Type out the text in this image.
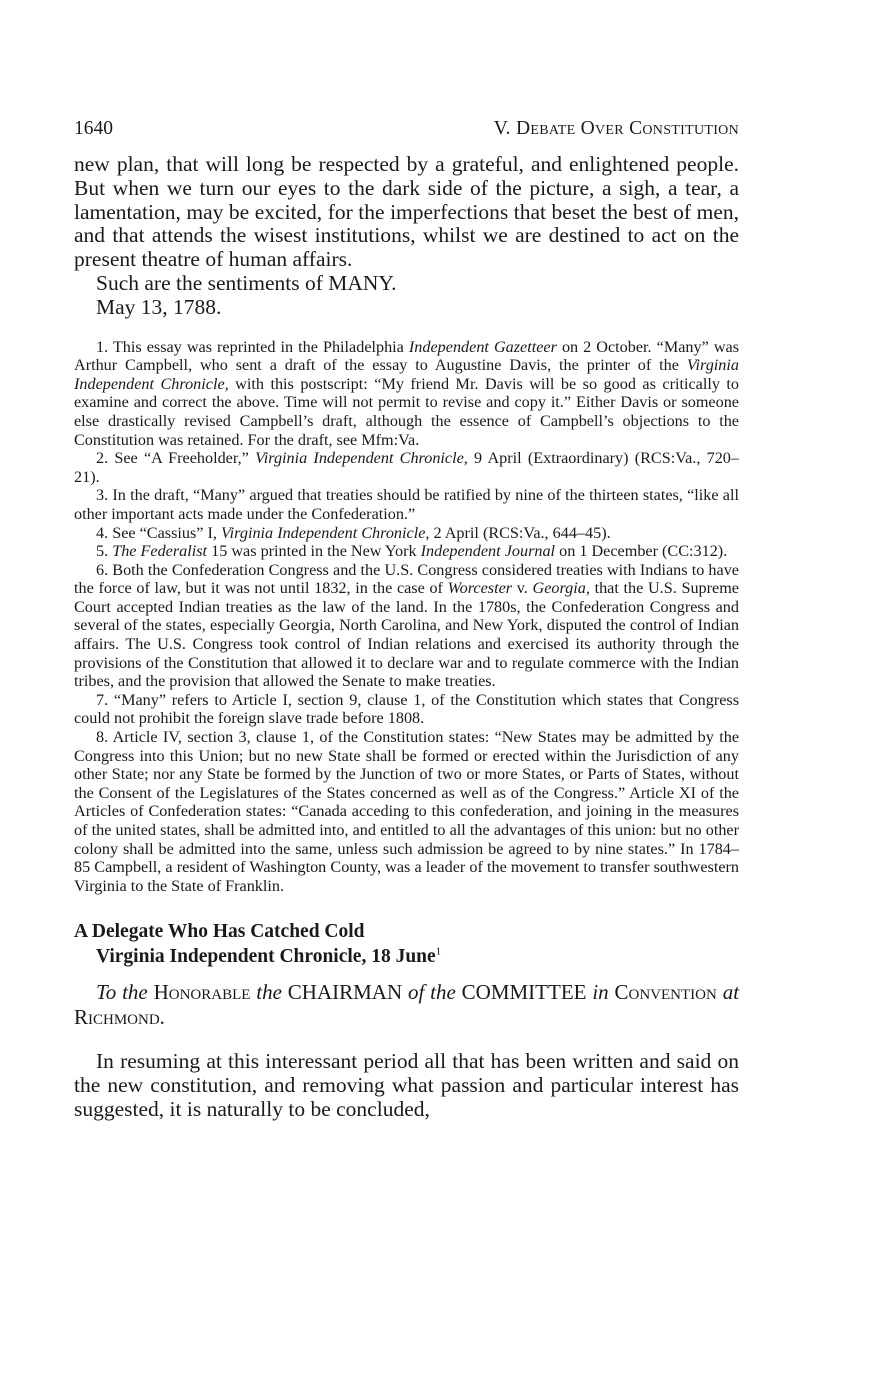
1640	V. Debate Over Constitution

new plan, that will long be respected by a grateful, and enlightened people. But when we turn our eyes to the dark side of the picture, a sigh, a tear, a lamentation, may be excited, for the imperfections that beset the best of men, and that attends the wisest institutions, whilst we are destined to act on the present theatre of human affairs.

Such are the sentiments of MANY.

May 13, 1788.

1. This essay was reprinted in the Philadelphia Independent Gazetteer on 2 October. “Many” was Arthur Campbell, who sent a draft of the essay to Augustine Davis, the printer of the Virginia Independent Chronicle, with this postscript: “My friend Mr. Davis will be so good as critically to examine and correct the above. Time will not permit to revise and copy it.” Either Davis or someone else drastically revised Campbell’s draft, although the essence of Campbell’s objections to the Constitution was retained. For the draft, see Mfm:Va.

2. See “A Freeholder,” Virginia Independent Chronicle, 9 April (Extraordinary) (RCS:Va., 720–21).

3. In the draft, “Many” argued that treaties should be ratified by nine of the thirteen states, “like all other important acts made under the Confederation.”

4. See “Cassius” I, Virginia Independent Chronicle, 2 April (RCS:Va., 644–45).

5. The Federalist 15 was printed in the New York Independent Journal on 1 December (CC:312).

6. Both the Confederation Congress and the U.S. Congress considered treaties with Indians to have the force of law, but it was not until 1832, in the case of Worcester v. Georgia, that the U.S. Supreme Court accepted Indian treaties as the law of the land. In the 1780s, the Confederation Congress and several of the states, especially Georgia, North Carolina, and New York, disputed the control of Indian affairs. The U.S. Congress took control of Indian relations and exercised its authority through the provisions of the Constitution that allowed it to declare war and to regulate commerce with the Indian tribes, and the provision that allowed the Senate to make treaties.

7. “Many” refers to Article I, section 9, clause 1, of the Constitution which states that Congress could not prohibit the foreign slave trade before 1808.

8. Article IV, section 3, clause 1, of the Constitution states: “New States may be admitted by the Congress into this Union; but no new State shall be formed or erected within the Jurisdiction of any other State; nor any State be formed by the Junction of two or more States, or Parts of States, without the Consent of the Legislatures of the States concerned as well as of the Congress.” Article XI of the Articles of Confederation states: “Canada acceding to this confederation, and joining in the measures of the united states, shall be admitted into, and entitled to all the advantages of this union: but no other colony shall be admitted into the same, unless such admission be agreed to by nine states.” In 1784–85 Campbell, a resident of Washington County, was a leader of the movement to transfer southwestern Virginia to the State of Franklin.

A Delegate Who Has Catched Cold
Virginia Independent Chronicle, 18 June$^1$

To the Honorable the CHAIRMAN of the COMMITTEE in Convention at Richmond.

In resuming at this interessant period all that has been written and said on the new constitution, and removing what passion and particular interest has suggested, it is naturally to be concluded,
